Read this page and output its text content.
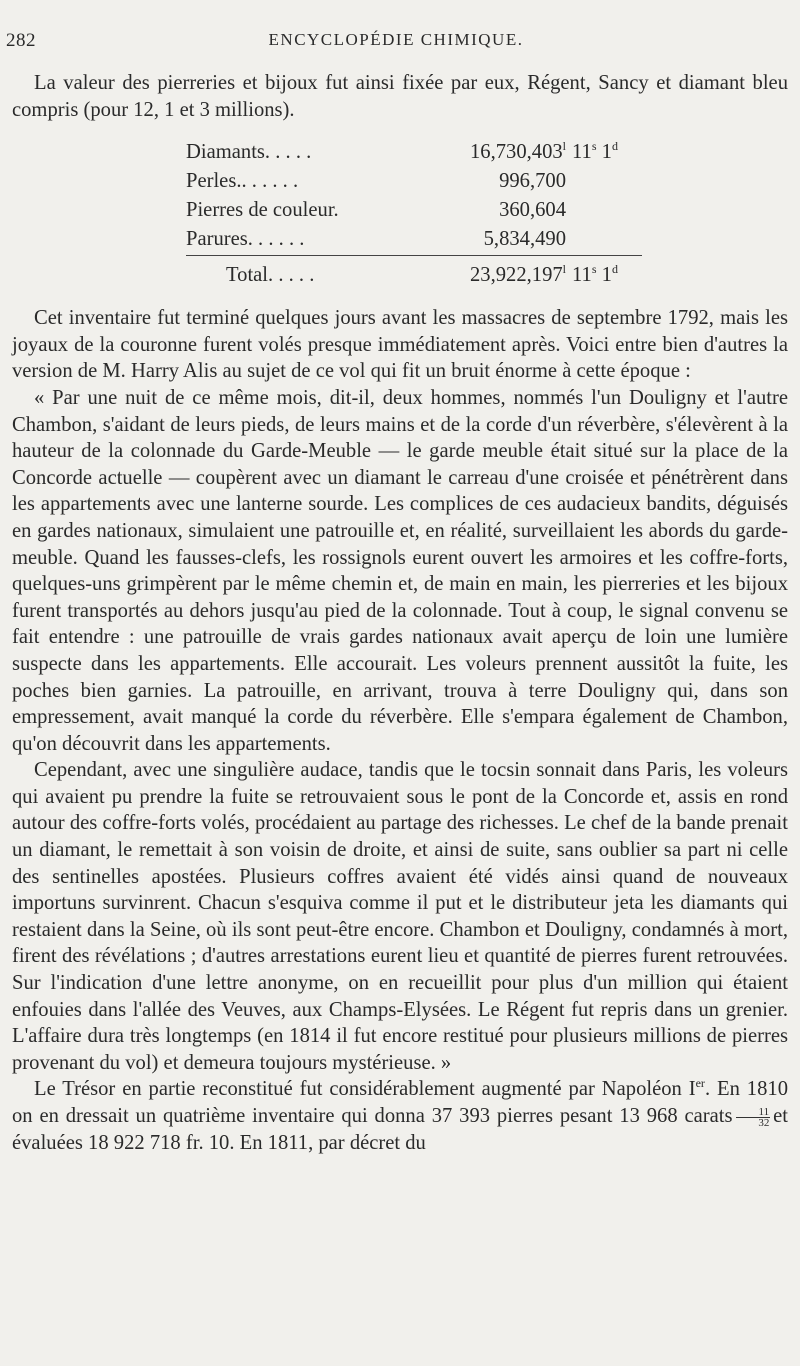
282	ENCYCLOPÉDIE CHIMIQUE.

La valeur des pierreries et bijoux fut ainsi fixée par eux, Régent, Sancy et diamant bleu compris (pour 12, 1 et 3 millions).

Diamants. . . . .	16,730,403$^l$	11$^s$ 1$^d$
Perles.. . . . . .	996,700	
Pierres de couleur.	360,604	
Parures. . . . . .	5,834,490	
Total. . . . .	23,922,197$^l$	11$^s$ 1$^d$

Cet inventaire fut terminé quelques jours avant les massacres de septembre 1792, mais les joyaux de la couronne furent volés presque immédiatement après. Voici entre bien d'autres la version de M. Harry Alis au sujet de ce vol qui fit un bruit énorme à cette époque :

« Par une nuit de ce même mois, dit-il, deux hommes, nommés l'un Douligny et l'autre Chambon, s'aidant de leurs pieds, de leurs mains et de la corde d'un réverbère, s'élevèrent à la hauteur de la colonnade du Garde-Meuble — le garde meuble était situé sur la place de la Concorde actuelle — coupèrent avec un diamant le carreau d'une croisée et pénétrèrent dans les appartements avec une lanterne sourde. Les complices de ces audacieux bandits, déguisés en gardes nationaux, simulaient une patrouille et, en réalité, surveillaient les abords du garde-meuble. Quand les fausses-clefs, les rossignols eurent ouvert les armoires et les coffre-forts, quelques-uns grimpèrent par le même chemin et, de main en main, les pierreries et les bijoux furent transportés au dehors jusqu'au pied de la colonnade. Tout à coup, le signal convenu se fait entendre : une patrouille de vrais gardes nationaux avait aperçu de loin une lumière suspecte dans les appartements. Elle accourait. Les voleurs prennent aussitôt la fuite, les poches bien garnies. La patrouille, en arrivant, trouva à terre Douligny qui, dans son empressement, avait manqué la corde du réverbère. Elle s'empara également de Chambon, qu'on découvrit dans les appartements.

Cependant, avec une singulière audace, tandis que le tocsin sonnait dans Paris, les voleurs qui avaient pu prendre la fuite se retrouvaient sous le pont de la Concorde et, assis en rond autour des coffre-forts volés, procédaient au partage des richesses. Le chef de la bande prenait un diamant, le remettait à son voisin de droite, et ainsi de suite, sans oublier sa part ni celle des sentinelles apostées. Plusieurs coffres avaient été vidés ainsi quand de nouveaux importuns survinrent. Chacun s'esquiva comme il put et le distributeur jeta les diamants qui restaient dans la Seine, où ils sont peut-être encore. Chambon et Douligny, condamnés à mort, firent des révélations ; d'autres arrestations eurent lieu et quantité de pierres furent retrouvées. Sur l'indication d'une lettre anonyme, on en recueillit pour plus d'un million qui étaient enfouies dans l'allée des Veuves, aux Champs-Elysées. Le Régent fut repris dans un grenier. L'affaire dura très longtemps (en 1814 il fut encore restitué pour plusieurs millions de pierres provenant du vol) et demeura toujours mystérieuse. »

Le Trésor en partie reconstitué fut considérablement augmenté par Napoléon Ier. En 1810 on en dressait un quatrième inventaire qui donna 37 393 pierres pesant 13 968 carats $\frac{11}{32}$ et évaluées 18 922 718 fr. 10. En 1811, par décret du
